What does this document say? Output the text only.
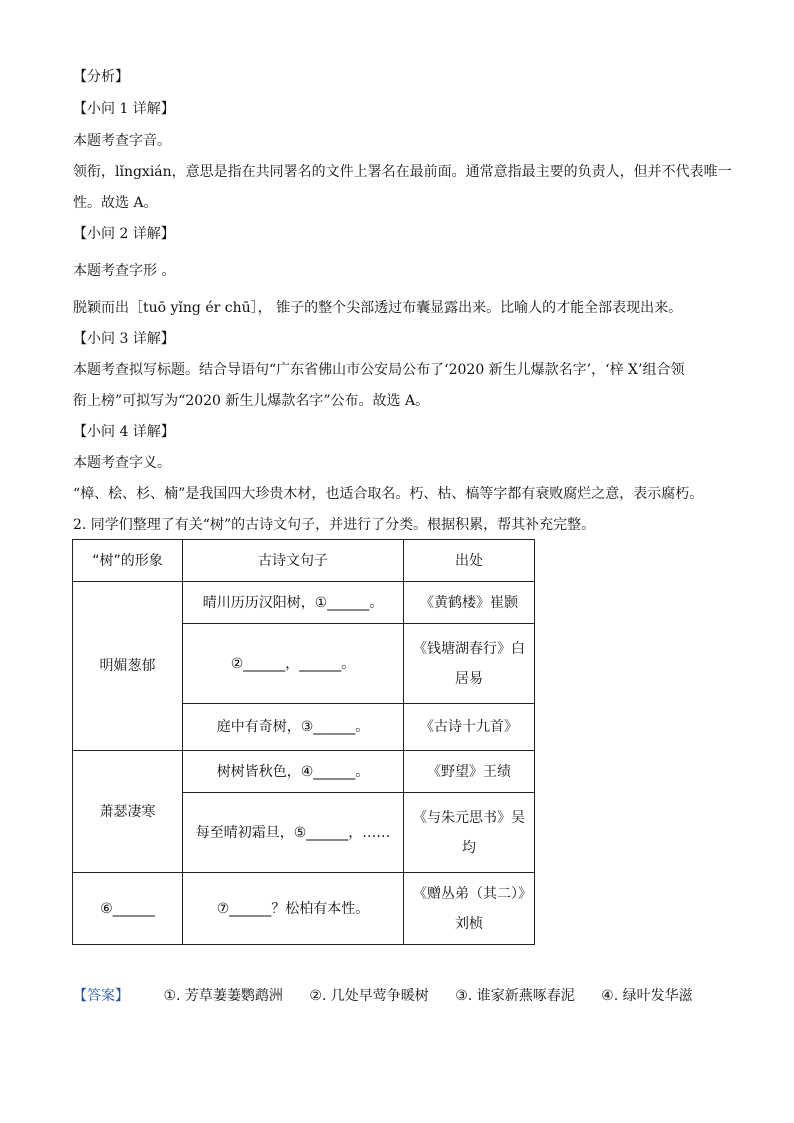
【分析】
【小问 1 详解】
本题考查字音。
领衔，lǐngxián，意思是指在共同署名的文件上署名在最前面。通常意指最主要的负责人，但并不代表唯一
性。故选 A。
【小问 2 详解】
本题考查字形 。
脱颖而出［tuō yǐng ér chū］， 锥子的整个尖部透过布囊显露出来。比喻人的才能全部表现出来。
【小问 3 详解】
本题考查拟写标题。结合导语句“广东省佛山市公安局公布了‘2020 新生儿爆款名字’，‘梓 X’组合领
衔上榜”可拟写为“2020 新生儿爆款名字”公布。故选 A。
【小问 4 详解】
本题考查字义。
“樟、桧、杉、楠”是我国四大珍贵木材，也适合取名。朽、枯、槁等字都有衰败腐烂之意，表示腐朽。
2. 同学们整理了有关“树”的古诗文句子，并进行了分类。根据积累，帮其补充完整。
“树”的形象	古诗文句子	出处
明媚葱郁	晴川历历汉阳树，①______。	《黄鹤楼》崔颢
	②______，______。	《钱塘湖春行》白居易
	庭中有奇树，③______。	《古诗十九首》
萧瑟凄寒	树树皆秋色，④______。	《野望》王绩
	每至晴初霜旦，⑤______，……	《与朱元思书》吴均
⑥______	⑦______？松柏有本性。	《赠丛弟（其二）》刘桢
【答案】 ①. 芳草萋萋鹦鹉洲 ②. 几处早莺争暖树 ③. 谁家新燕啄春泥 ④. 绿叶发华滋
